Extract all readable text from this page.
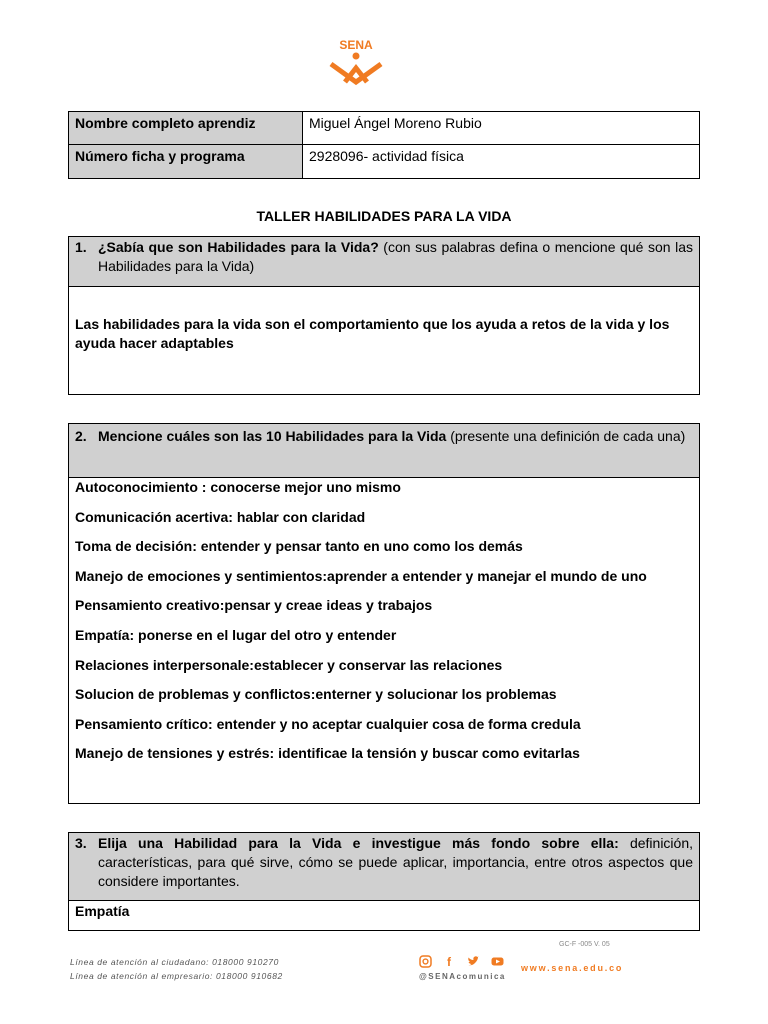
SENA
Nombre completo aprendiz	Miguel Ángel Moreno Rubio
Número ficha y programa	2928096- actividad física
TALLER HABILIDADES PARA LA VIDA
1. ¿Sabía que son Habilidades para la Vida? (con sus palabras defina o mencione qué son las Habilidades para la Vida)
Las habilidades para la vida son el comportamiento que los ayuda a retos de la vida y los ayuda hacer adaptables
2. Mencione cuáles son las 10 Habilidades para la Vida (presente una definición de cada una)
Autoconocimiento : conocerse mejor uno mismo
Comunicación acertiva: hablar con claridad
Toma de decisión: entender y pensar tanto en uno como los demás
Manejo de emociones y sentimientos:aprender a entender y manejar el mundo de uno
Pensamiento creativo:pensar y creae ideas y trabajos
Empatía: ponerse en el lugar del otro y entender
Relaciones interpersonale:establecer y conservar las relaciones
Solucion de problemas y conflictos:enterner y solucionar los problemas
Pensamiento crítico: entender y no aceptar cualquier cosa de forma credula
Manejo de tensiones y estrés: identificae la tensión y buscar como evitarlas
3. Elija una Habilidad para la Vida e investigue más fondo sobre ella: definición, características, para qué sirve, cómo se puede aplicar, importancia, entre otros aspectos que considere importantes.
Empatía
GC-F -005 V. 05
Línea de atención al ciudadano: 018000 910270
Línea de atención al empresario: 018000 910682
f
@SENAcomunica
www.sena.edu.co
